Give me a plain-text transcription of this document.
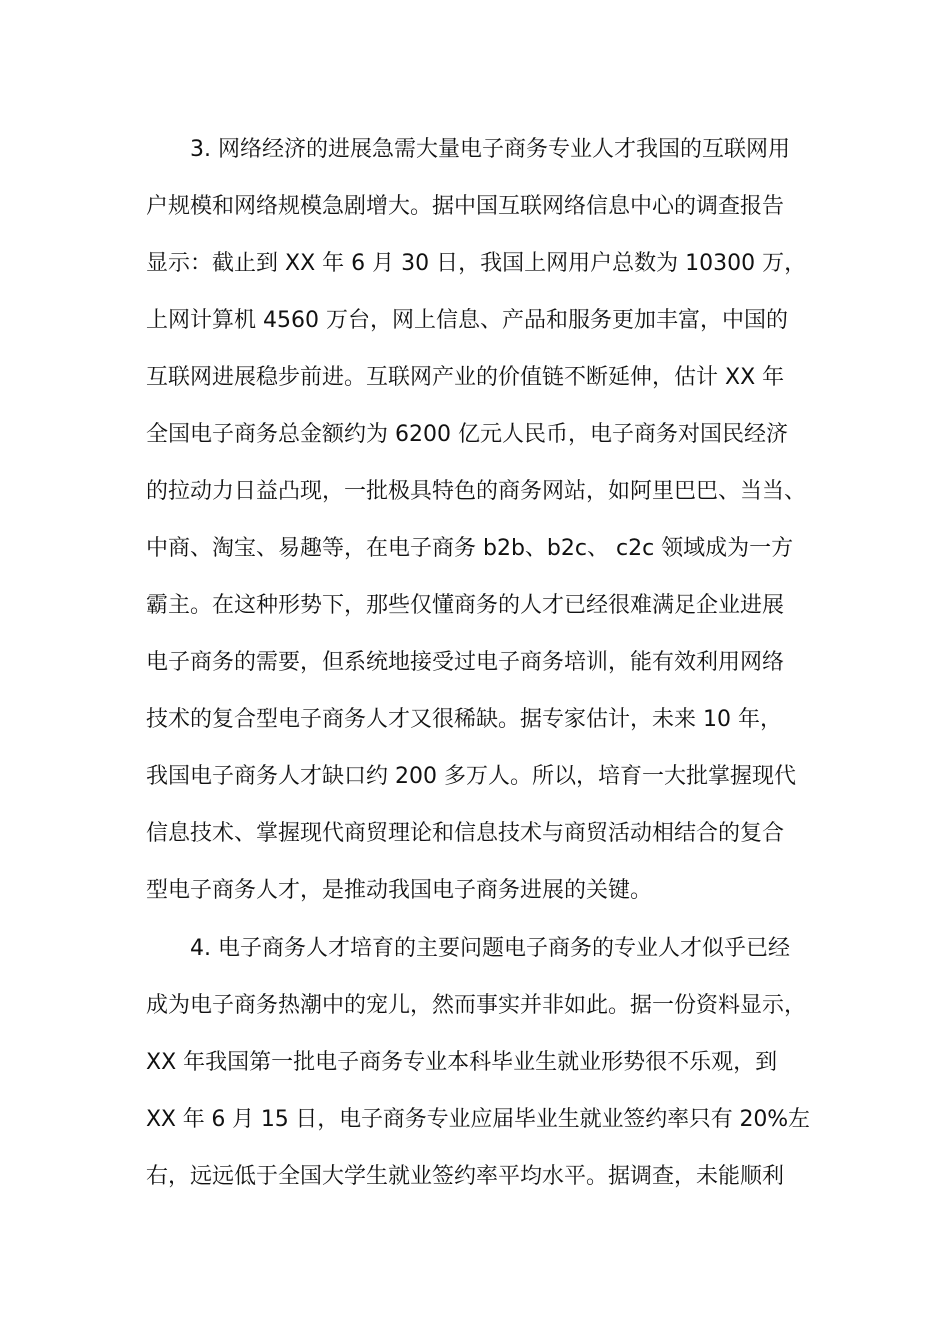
3. 网络经济的进展急需大量电子商务专业人才我国的互联网用
户规模和网络规模急剧增大。据中国互联网络信息中心的调查报告
显示：截止到 XX 年 6 月 30 日，我国上网用户总数为 10300 万，
上网计算机 4560 万台，网上信息、产品和服务更加丰富，中国的
互联网进展稳步前进。互联网产业的价值链不断延伸，估计 XX 年
全国电子商务总金额约为 6200 亿元人民币，电子商务对国民经济
的拉动力日益凸现，一批极具特色的商务网站，如阿里巴巴、当当、
中商、淘宝、易趣等，在电子商务 b2b、b2c、 c2c 领域成为一方
霸主。在这种形势下，那些仅懂商务的人才已经很难满足企业进展
电子商务的需要，但系统地接受过电子商务培训，能有效利用网络
技术的复合型电子商务人才又很稀缺。据专家估计，未来 10 年，
我国电子商务人才缺口约 200 多万人。所以，培育一大批掌握现代
信息技术、掌握现代商贸理论和信息技术与商贸活动相结合的复合
型电子商务人才，是推动我国电子商务进展的关键。
4. 电子商务人才培育的主要问题电子商务的专业人才似乎已经
成为电子商务热潮中的宠儿，然而事实并非如此。据一份资料显示，
XX 年我国第一批电子商务专业本科毕业生就业形势很不乐观，到
XX 年 6 月 15 日，电子商务专业应届毕业生就业签约率只有 20%左
右，远远低于全国大学生就业签约率平均水平。据调查，未能顺利
